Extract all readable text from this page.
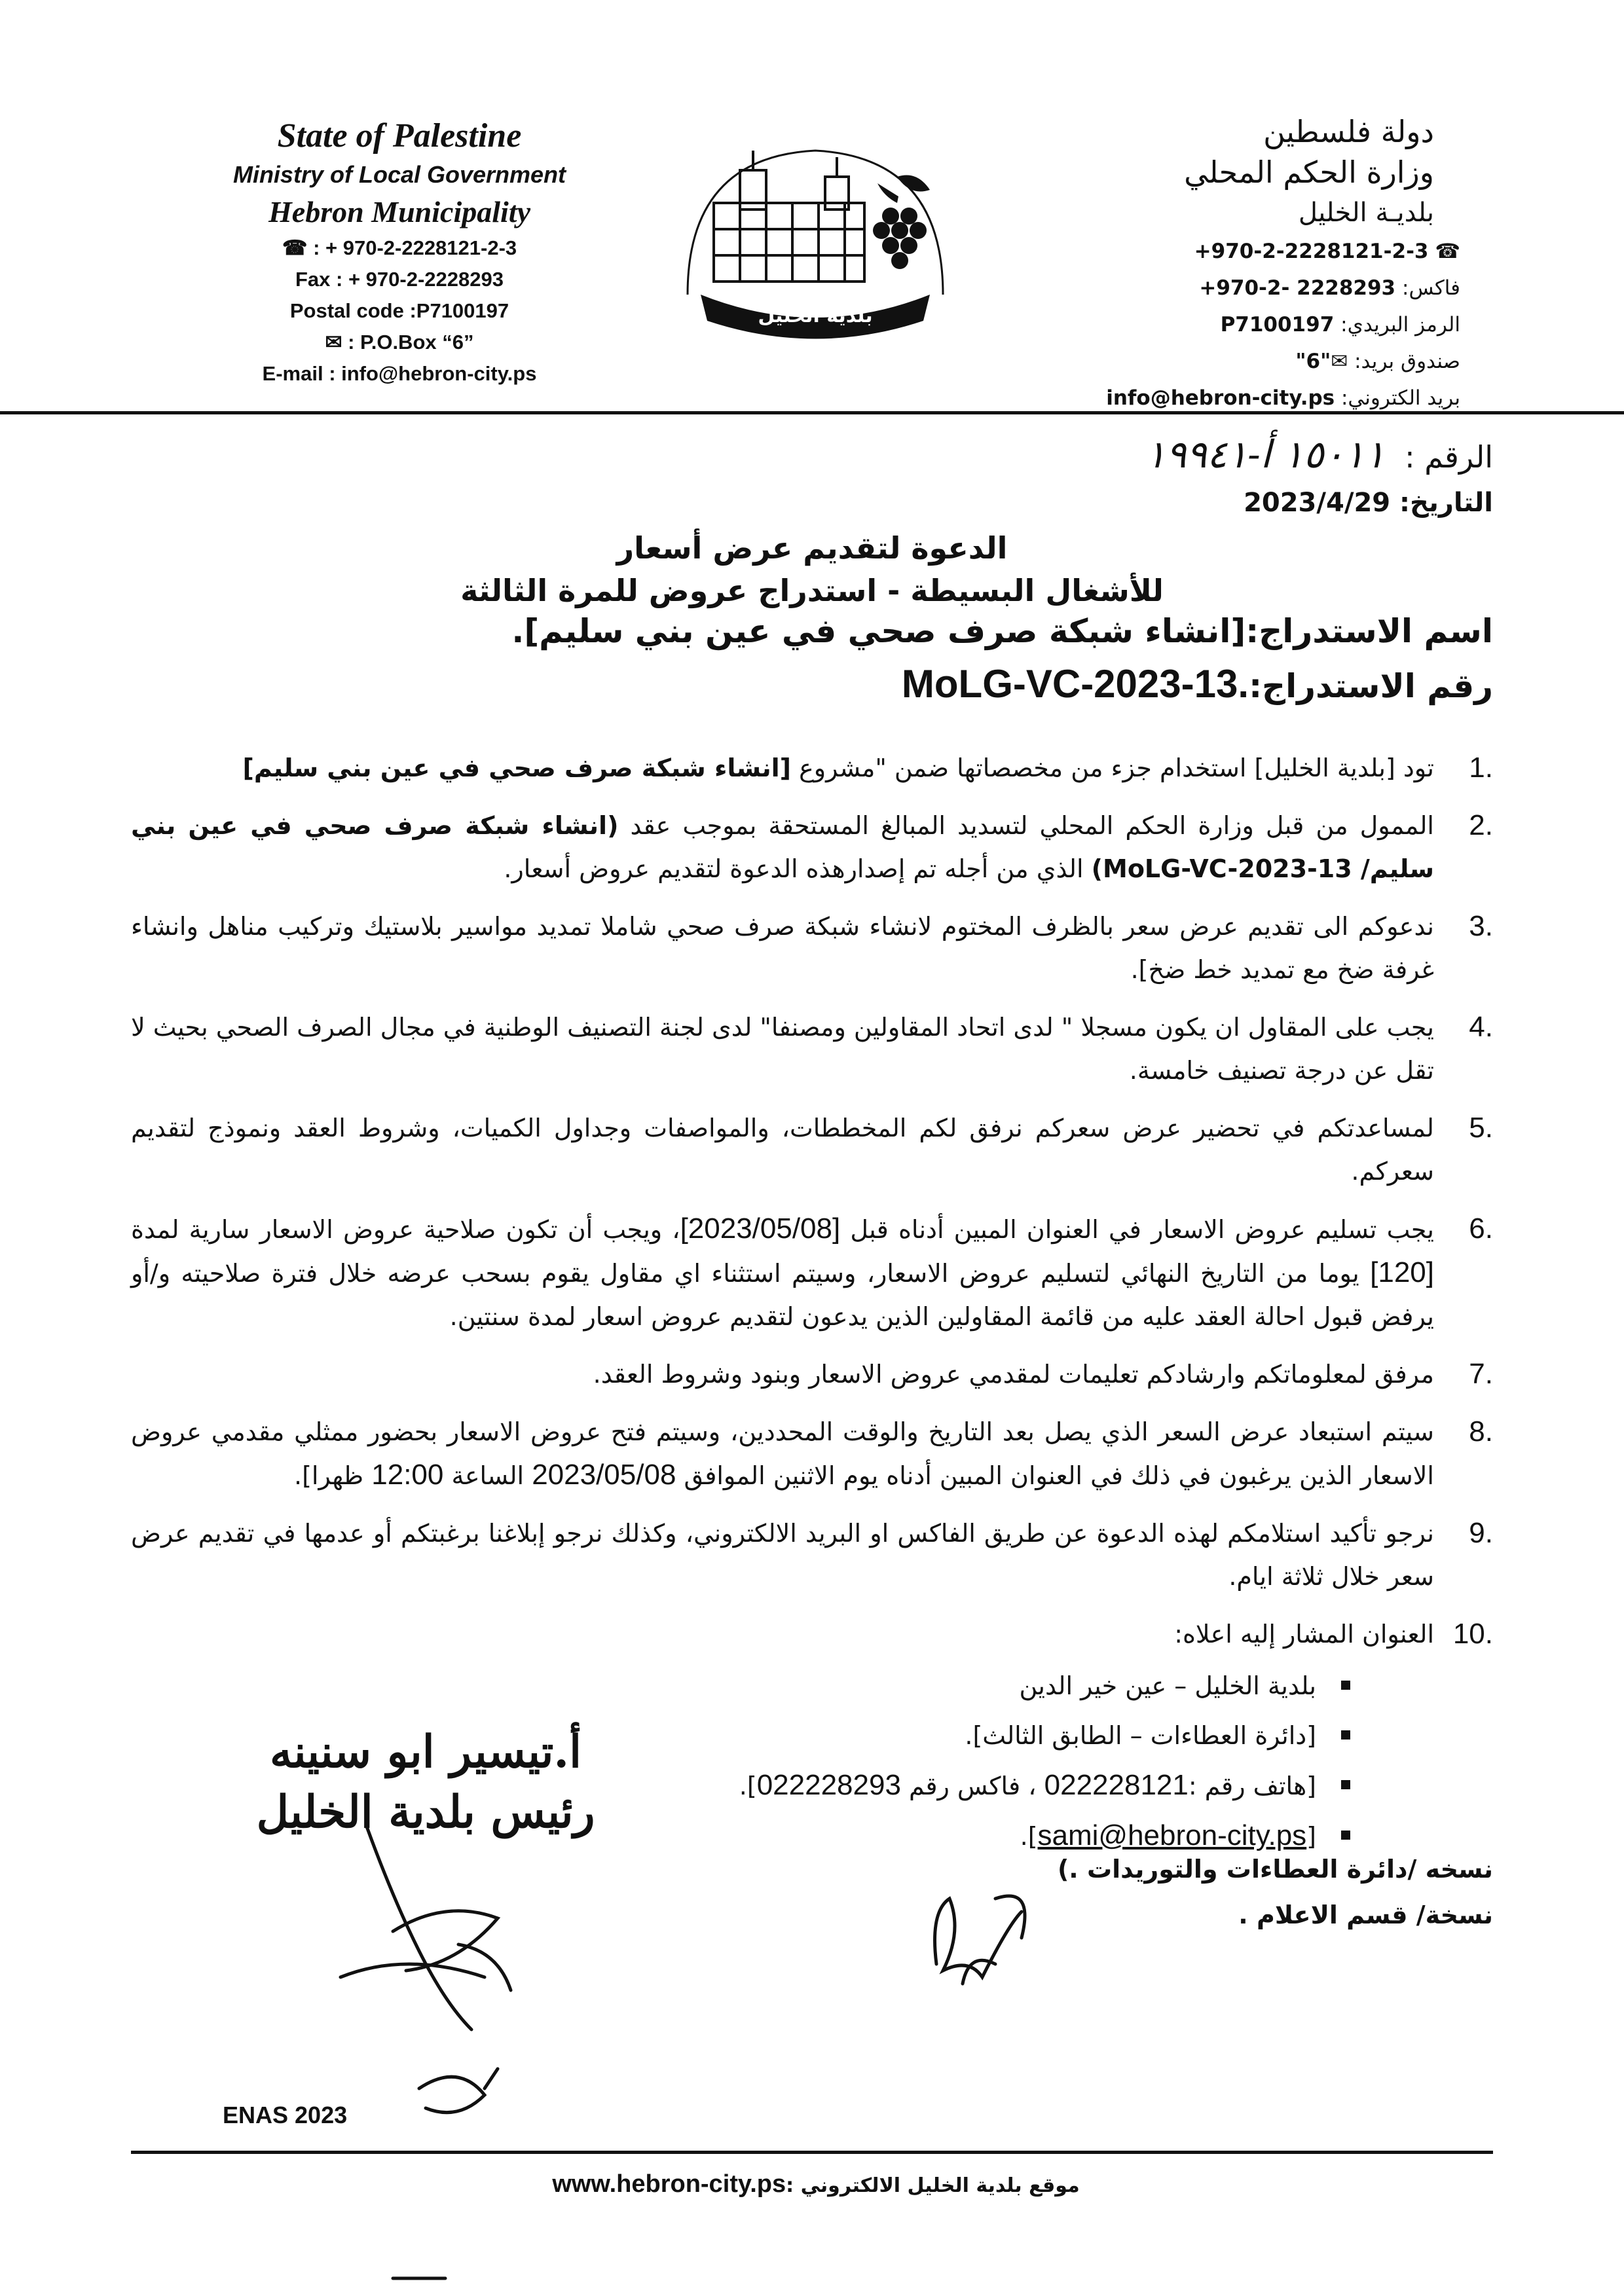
State of Palestine
Ministry of Local Government
Hebron Municipality
☎ : + 970-2-2228121-2-3
Fax : + 970-2-2228293
Postal code :P7100197
✉ : P.O.Box “6”
E-mail : info@hebron-city.ps
بلدية الخليل
دولة فلسطين
وزارة الحكم المحلي
بلديـة الخليل
☎ +970-2-2228121-2-3
فاكس: +970-2- 2228293
الرمز البريدي: P7100197
صندوق بريد: "6"✉
بريد الكتروني: info@hebron-city.ps
الرقم :١٥٠١١ أ-١٩٩٤١
التاريخ: 2023/4/29
الدعوة لتقديم عرض أسعار
للأشغال البسيطة - استدراج عروض للمرة الثالثة
اسم الاستدراج:[انشاء شبكة صرف صحي في عين بني سليم].
رقم الاستدراج:MoLG-VC-2023-13.
1.
تود [بلدية الخليل] استخدام جزء من مخصصاتها ضمن "مشروع [انشاء شبكة صرف صحي في عين بني سليم]
2.
الممول من قبل وزارة الحكم المحلي لتسديد المبالغ المستحقة بموجب عقد (انشاء شبكة صرف صحي في عين بني سليم/ MoLG-VC-2023-13) الذي من أجله تم إصدارهذه الدعوة لتقديم عروض أسعار.
3.
ندعوكم الى تقديم عرض سعر بالظرف المختوم لانشاء شبكة صرف صحي شاملا تمديد مواسير بلاستيك وتركيب مناهل وانشاء غرفة ضخ مع تمديد خط ضخ].
4.
يجب على المقاول ان يكون مسجلا " لدى اتحاد المقاولين ومصنفا" لدى لجنة التصنيف الوطنية في مجال الصرف الصحي بحيث لا تقل عن درجة تصنيف خامسة.
5.
لمساعدتكم في تحضير عرض سعركم نرفق لكم المخططات، والمواصفات وجداول الكميات، وشروط العقد ونموذج لتقديم سعركم.
6.
يجب تسليم عروض الاسعار في العنوان المبين أدناه قبل [2023/05/08]، ويجب أن تكون صلاحية عروض الاسعار سارية لمدة [120] يوما من التاريخ النهائي لتسليم عروض الاسعار، وسيتم استثناء اي مقاول يقوم بسحب عرضه خلال فترة صلاحيته و/أو يرفض قبول احالة العقد عليه من قائمة المقاولين الذين يدعون لتقديم عروض اسعار لمدة سنتين.
7.
مرفق لمعلوماتكم وارشادكم تعليمات لمقدمي عروض الاسعار وبنود وشروط العقد.
8.
سيتم استبعاد عرض السعر الذي يصل بعد التاريخ والوقت المحددين، وسيتم فتح عروض الاسعار بحضور ممثلي مقدمي عروض الاسعار الذين يرغبون في ذلك في العنوان المبين أدناه يوم الاثنين الموافق 2023/05/08 الساعة 12:00 ظهرا].
9.
نرجو تأكيد استلامكم لهذه الدعوة عن طريق الفاكس او البريد الالكتروني، وكذلك نرجو إبلاغنا برغبتكم أو عدمها في تقديم عرض سعر خلال ثلاثة ايام.
10.
العنوان المشار إليه اعلاه:
بلدية الخليل – عين خير الدين
[دائرة العطاءات – الطابق الثالث].
[هاتف رقم :022228121 ، فاكس رقم 022228293].
[sami@hebron-city.ps].
أ.تيسير ابو سنينه
رئيس بلدية الخليل
نسخه /دائرة العطاءات والتوريدات .)
نسخة/ قسم الاعلام .
ENAS 2023
موقع بلدية الخليل الالكتروني :www.hebron-city.ps
